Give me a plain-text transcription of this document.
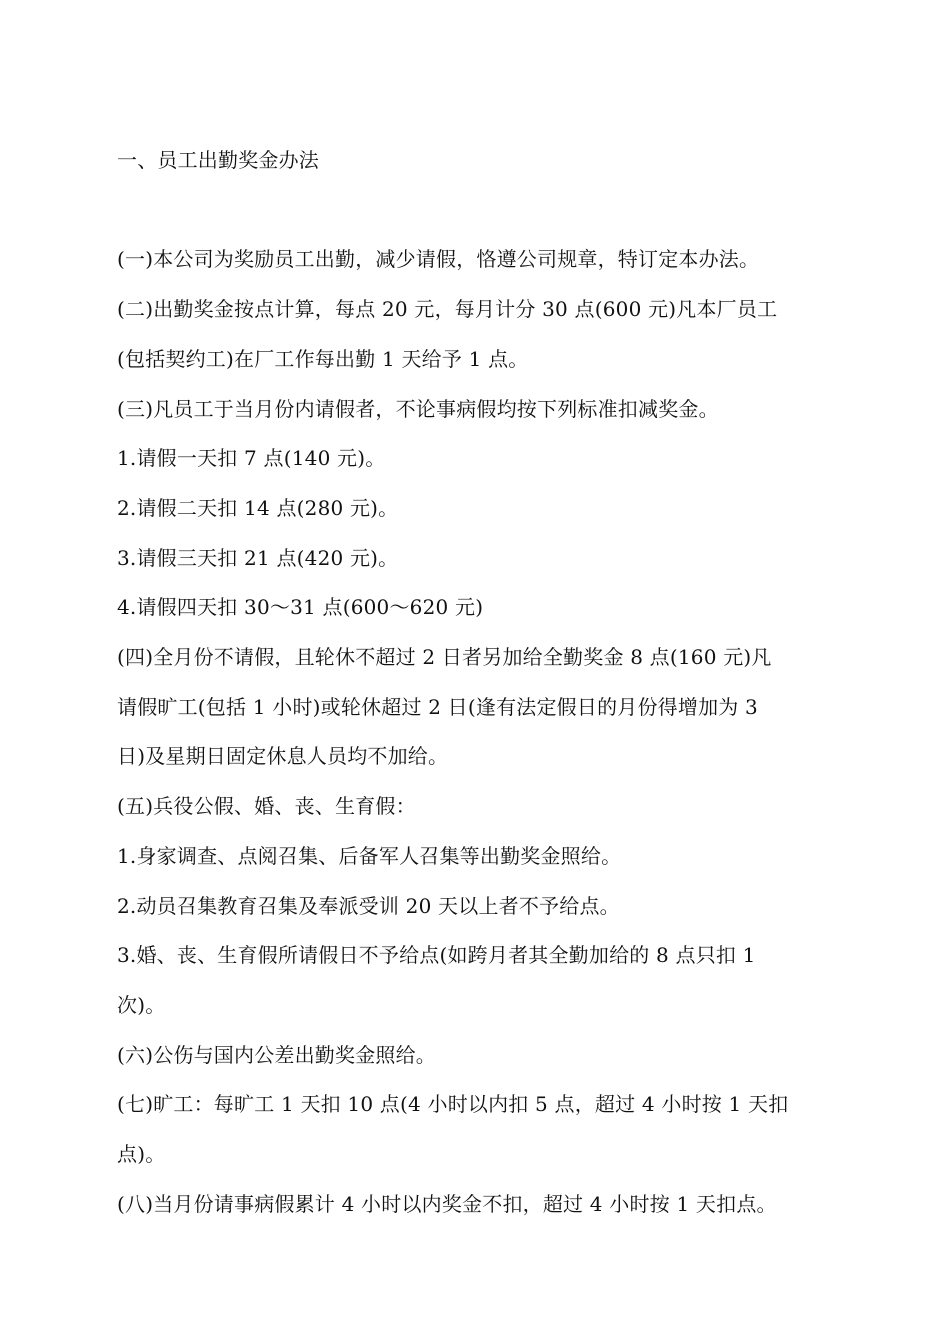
一、员工出勤奖金办法

(一)本公司为奖励员工出勤，减少请假，恪遵公司规章，特订定本办法。

(二)出勤奖金按点计算，每点 20 元，每月计分 30 点(600 元)凡本厂员工

(包括契约工)在厂工作每出勤 1 天给予 1 点。

(三)凡员工于当月份内请假者，不论事病假均按下列标准扣减奖金。

1.请假一天扣 7 点(140 元)。

2.请假二天扣 14 点(280 元)。

3.请假三天扣 21 点(420 元)。

4.请假四天扣 30～31 点(600～620 元)

(四)全月份不请假，且轮休不超过 2 日者另加给全勤奖金 8 点(160 元)凡

请假旷工(包括 1 小时)或轮休超过 2 日(逢有法定假日的月份得增加为 3

日)及星期日固定休息人员均不加给。

(五)兵役公假、婚、丧、生育假：

1.身家调查、点阅召集、后备军人召集等出勤奖金照给。

2.动员召集教育召集及奉派受训 20 天以上者不予给点。

3.婚、丧、生育假所请假日不予给点(如跨月者其全勤加给的 8 点只扣 1

次)。

(六)公伤与国内公差出勤奖金照给。

(七)旷工：每旷工 1 天扣 10 点(4 小时以内扣 5 点，超过 4 小时按 1 天扣

点)。

(八)当月份请事病假累计 4 小时以内奖金不扣，超过 4 小时按 1 天扣点。
